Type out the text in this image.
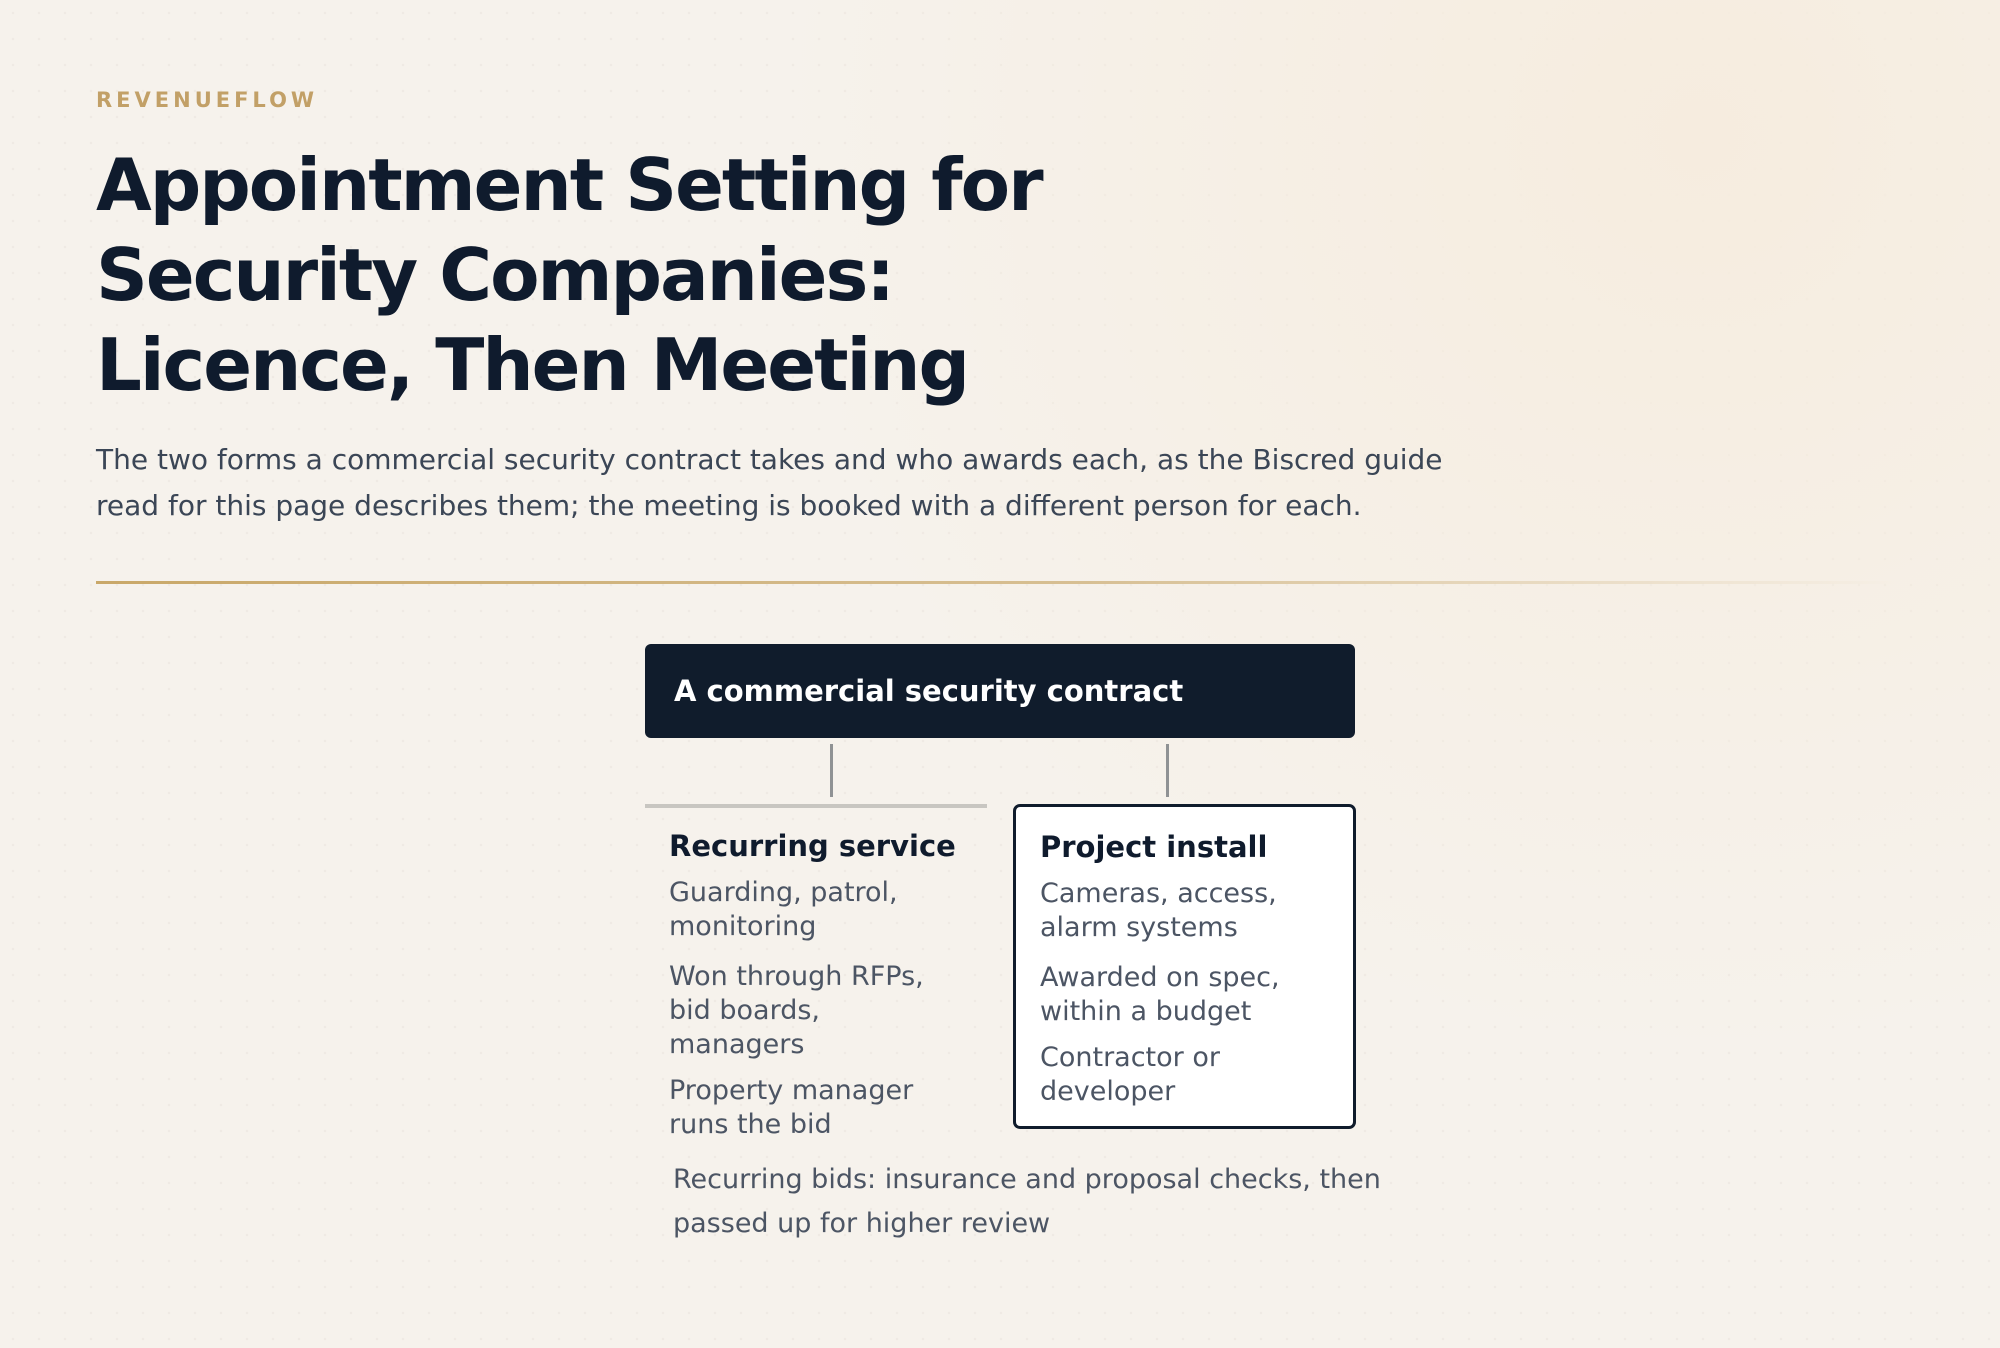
REVENUEFLOW

Appointment Setting for Security Companies: Licence, Then Meeting

The two forms a commercial security contract takes and who awards each, as the Biscred guide read for this page describes them; the meeting is booked with a different person for each.

A commercial security contract

Recurring service

Guarding, patrol, monitoring

Won through RFPs, bid boards, managers

Property manager runs the bid

Project install

Cameras, access, alarm systems

Awarded on spec, within a budget

Contractor or developer

Recurring bids: insurance and proposal checks, then passed up for higher review
